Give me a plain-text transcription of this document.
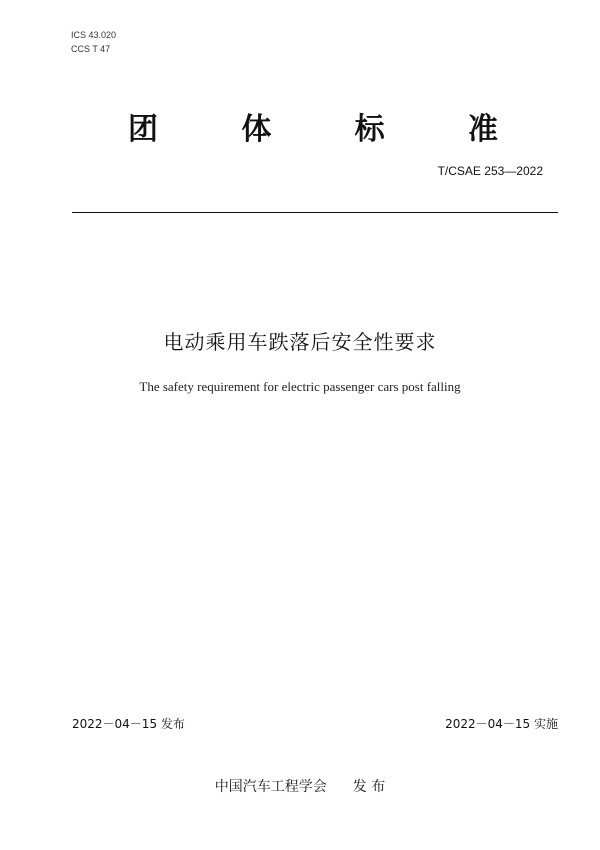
ICS 43.020
CCS T 47
团	体	标	准
T/CSAE 253—2022
电动乘用车跌落后安全性要求
The safety requirement for electric passenger cars post falling
2022－04－15 发布	2022－04－15 实施
中国汽车工程学会 发 布
